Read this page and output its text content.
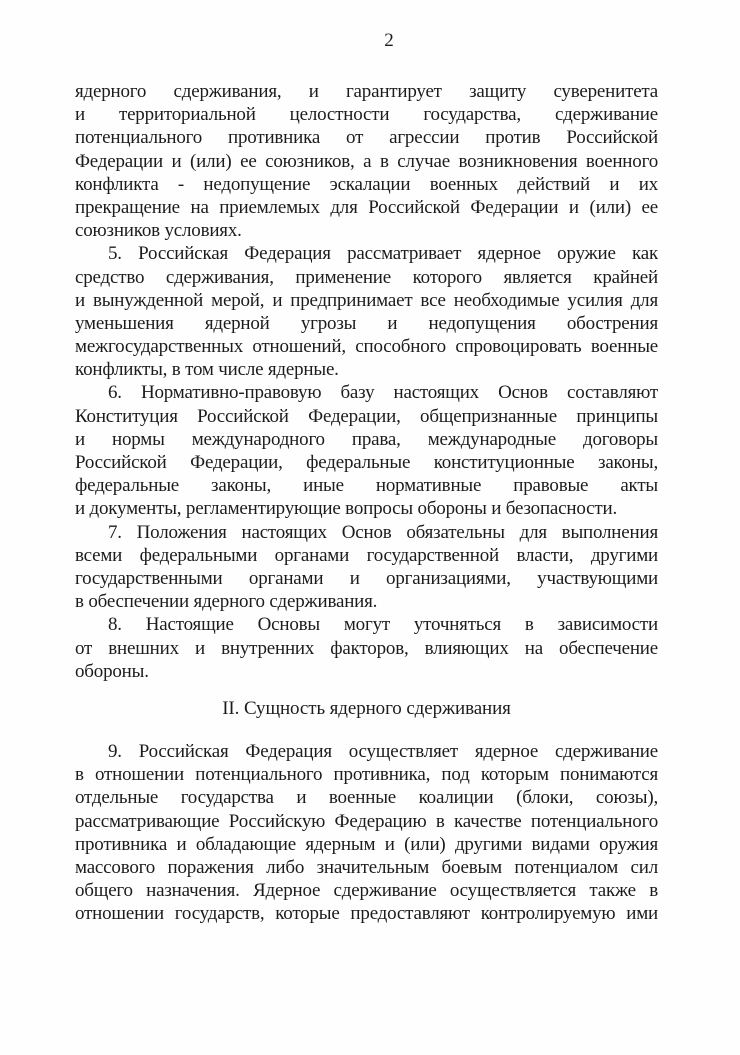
2
ядерного сдерживания, и гарантирует защиту суверенитета
и территориальной целостности государства, сдерживание
потенциального противника от агрессии против Российской
Федерации и (или) ее союзников, а в случае возникновения военного
конфликта - недопущение эскалации военных действий и их
прекращение на приемлемых для Российской Федерации и (или) ее
союзников условиях.
5. Российская Федерация рассматривает ядерное оружие как
средство сдерживания, применение которого является крайней
и вынужденной мерой, и предпринимает все необходимые усилия для
уменьшения ядерной угрозы и недопущения обострения
межгосударственных отношений, способного спровоцировать военные
конфликты, в том числе ядерные.
6. Нормативно-правовую базу настоящих Основ составляют
Конституция Российской Федерации, общепризнанные принципы
и нормы международного права, международные договоры
Российской Федерации, федеральные конституционные законы,
федеральные законы, иные нормативные правовые акты
и документы, регламентирующие вопросы обороны и безопасности.
7. Положения настоящих Основ обязательны для выполнения
всеми федеральными органами государственной власти, другими
государственными органами и организациями, участвующими
в обеспечении ядерного сдерживания.
8. Настоящие Основы могут уточняться в зависимости
от внешних и внутренних факторов, влияющих на обеспечение
обороны.
II. Сущность ядерного сдерживания
9. Российская Федерация осуществляет ядерное сдерживание
в отношении потенциального противника, под которым понимаются
отдельные государства и военные коалиции (блоки, союзы),
рассматривающие Российскую Федерацию в качестве потенциального
противника и обладающие ядерным и (или) другими видами оружия
массового поражения либо значительным боевым потенциалом сил
общего назначения. Ядерное сдерживание осуществляется также в
отношении государств, которые предоставляют контролируемую ими
